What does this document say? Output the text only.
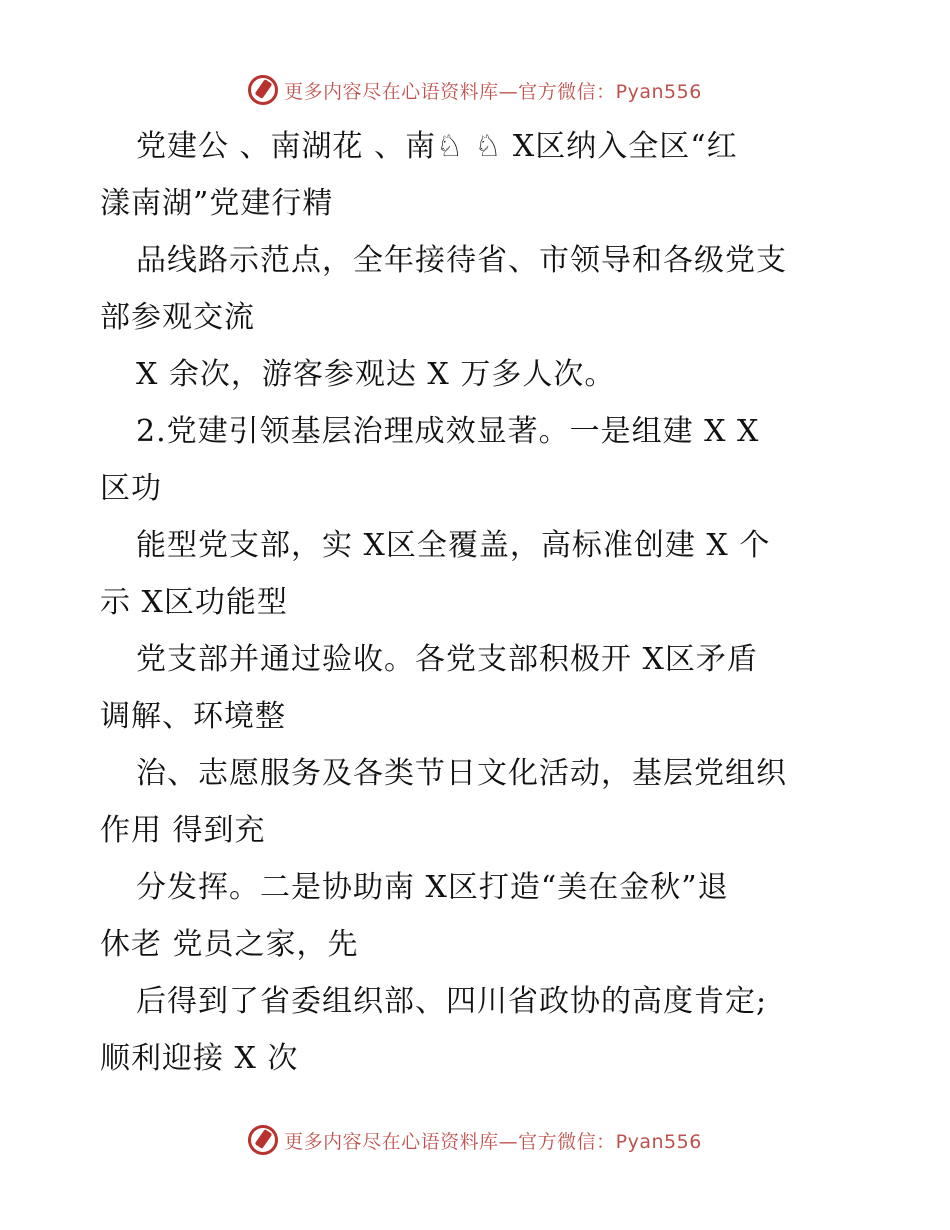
更多内容尽在心语资料库—官方微信：Pyan556
党建公 、南湖花 、南♘ ♘ X区纳入全区“红
漾南湖”党建行精
品线路示范点，全年接待省、市领导和各级党支
部参观交流
X 余次，游客参观达 X 万多人次。
2.党建引领基层治理成效显著。一是组建 X X
区功
能型党支部，实 X区全覆盖，高标准创建 X 个
示 X区功能型
党支部并通过验收。各党支部积极开 X区矛盾
调解、环境整
治、志愿服务及各类节日文化活动，基层党组织
作用 得到充
分发挥。二是协助南 X区打造“美在金秋”退
休老 党员之家，先
后得到了省委组织部、四川省政协的高度肯定;
顺利迎接 X 次
更多内容尽在心语资料库—官方微信：Pyan556
